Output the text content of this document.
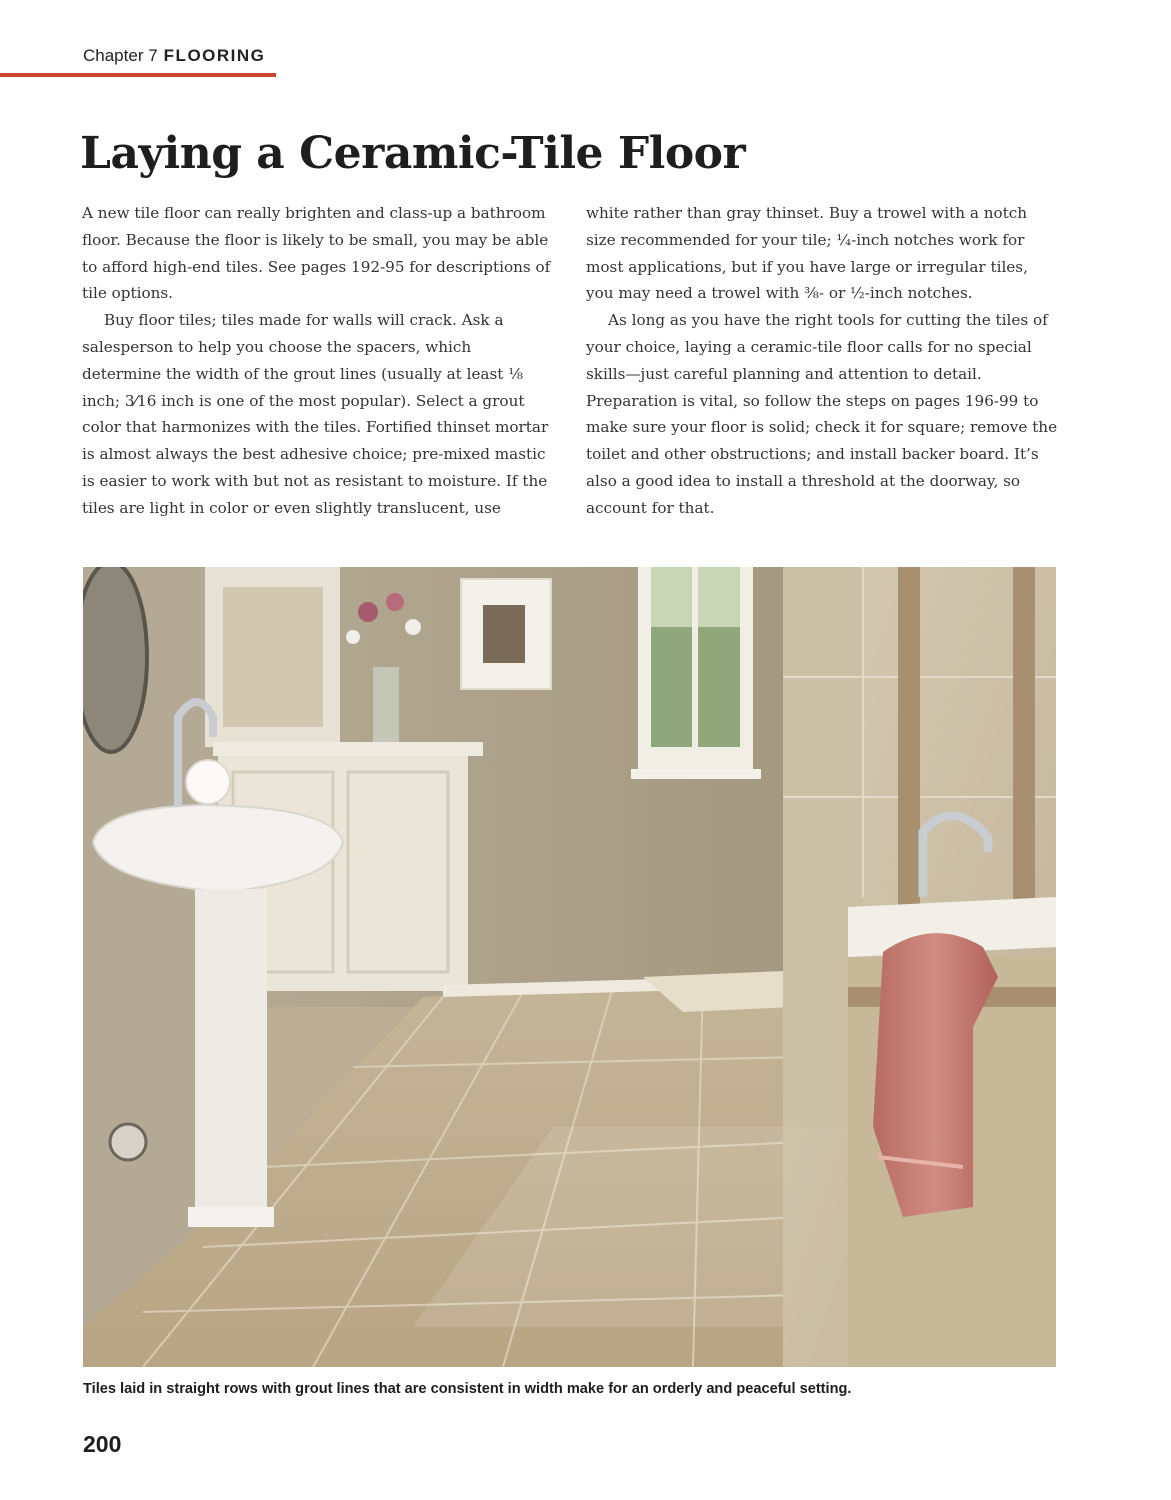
Chapter 7 FLOORING
Laying a Ceramic-Tile Floor

A new tile floor can really brighten and class-up a bathroom floor. Because the floor is likely to be small, you may be able to afford high-end tiles. See pages 192-95 for descriptions of tile options.

Buy floor tiles; tiles made for walls will crack. Ask a salesperson to help you choose the spacers, which determine the width of the grout lines (usually at least ⅛ inch; 3⁄16 inch is one of the most popular). Select a grout color that harmonizes with the tiles. Fortified thinset mortar is almost always the best adhesive choice; pre-mixed mastic is easier to work with but not as resistant to moisture. If the tiles are light in color or even slightly translucent, use

white rather than gray thinset. Buy a trowel with a notch size recommended for your tile; ¼-inch notches work for most applications, but if you have large or irregular tiles, you may need a trowel with ⅜- or ½-inch notches.

As long as you have the right tools for cutting the tiles of your choice, laying a ceramic-tile floor calls for no special skills—just careful planning and attention to detail. Preparation is vital, so follow the steps on pages 196-99 to make sure your floor is solid; check it for square; remove the toilet and other obstructions; and install backer board. It’s also a good idea to install a threshold at the doorway, so account for that.

Tiles laid in straight rows with grout lines that are consistent in width make for an orderly and peaceful setting.

200
